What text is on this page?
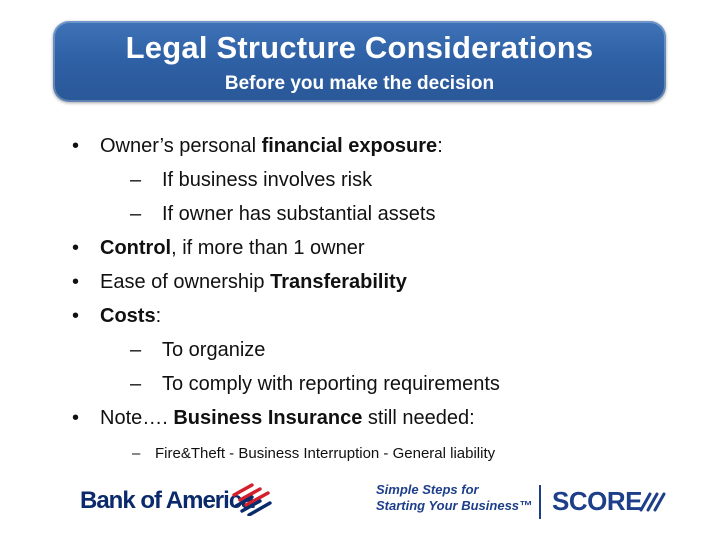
Legal Structure Considerations
Before you make the decision
• Owner’s personal financial exposure:
– If business involves risk
– If owner has substantial assets
• Control, if more than 1 owner
• Ease of ownership Transferability
• Costs:
– To organize
– To comply with reporting requirements
• Note…. Business Insurance still needed:
– Fire&Theft - Business Interruption - General liability
Bank of America	Simple Steps for
Starting Your Business™ SCORE
